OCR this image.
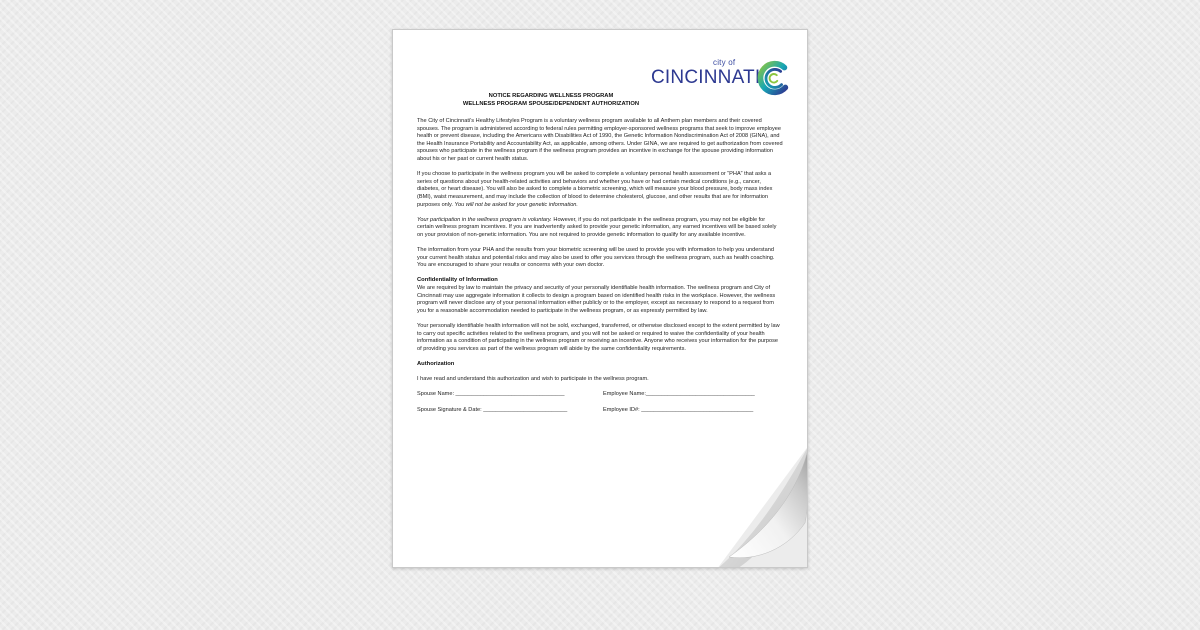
city of
CINCINNATI
NOTICE REGARDING WELLNESS PROGRAM
WELLNESS PROGRAM SPOUSE/DEPENDENT AUTHORIZATION

The City of Cincinnati’s Healthy Lifestyles Program is a voluntary wellness program available to all Anthem plan members and their covered spouses. The program is administered according to federal rules permitting employer-sponsored wellness programs that seek to improve employee health or prevent disease, including the Americans with Disabilities Act of 1990, the Genetic Information Nondiscrimination Act of 2008 (GINA), and the Health Insurance Portability and Accountability Act, as applicable, among others. Under GINA, we are required to get authorization from covered spouses who participate in the wellness program if the wellness program provides an incentive in exchange for the spouse providing information about his or her past or current health status.

If you choose to participate in the wellness program you will be asked to complete a voluntary personal health assessment or “PHA” that asks a series of questions about your health-related activities and behaviors and whether you have or had certain medical conditions (e.g., cancer, diabetes, or heart disease). You will also be asked to complete a biometric screening, which will measure your blood pressure, body mass index (BMI), waist measurement, and may include the collection of blood to determine cholesterol, glucose, and other results that are for information purposes only. You will not be asked for your genetic information.

Your participation in the wellness program is voluntary. However, if you do not participate in the wellness program, you may not be eligible for certain wellness program incentives. If you are inadvertently asked to provide your genetic information, any earned incentives will be based solely on your provision of non-genetic information. You are not required to provide genetic information to qualify for any available incentive.

The information from your PHA and the results from your biometric screening will be used to provide you with information to help you understand your current health status and potential risks and may also be used to offer you services through the wellness program, such as health coaching. You are encouraged to share your results or concerns with your own doctor.

Confidentiality of Information

We are required by law to maintain the privacy and security of your personally identifiable health information. The wellness program and City of Cincinnati may use aggregate information it collects to design a program based on identified health risks in the workplace. However, the wellness program will never disclose any of your personal information either publicly or to the employer, except as necessary to respond to a request from you for a reasonable accommodation needed to participate in the wellness program, or as expressly permitted by law.

Your personally identifiable health information will not be sold, exchanged, transferred, or otherwise disclosed except to the extent permitted by law to carry out specific activities related to the wellness program, and you will not be asked or required to waive the confidentiality of your health information as a condition of participating in the wellness program or receiving an incentive. Anyone who receives your information for the purpose of providing you services as part of the wellness program will abide by the same confidentiality requirements.

Authorization

I have read and understand this authorization and wish to participate in the wellness program.

Spouse Name: ___________________________________	Employee Name:___________________________________
Spouse Signature & Date: ___________________________	Employee ID#: ____________________________________
